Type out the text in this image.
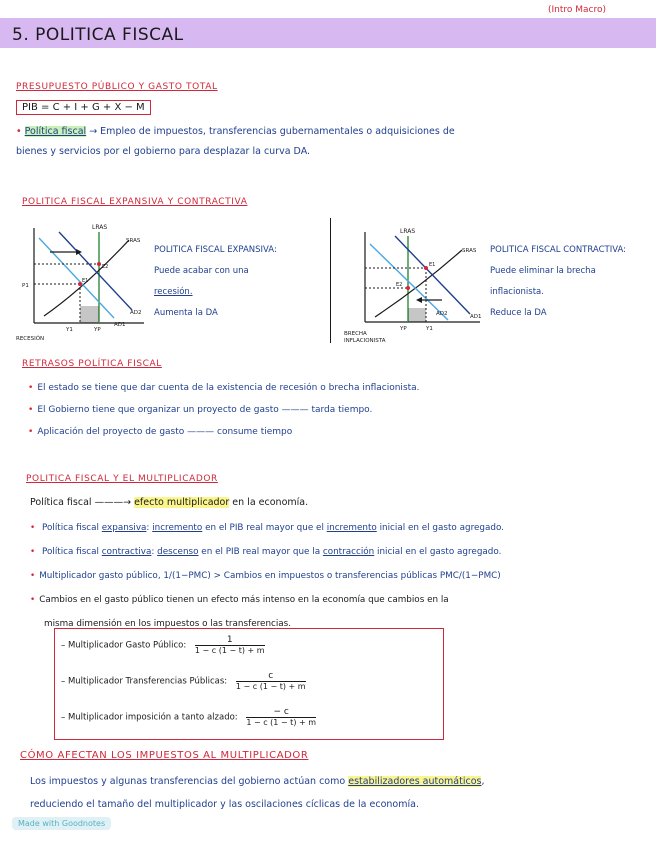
(Intro Macro)
5. POLITICA FISCAL
PRESUPUESTO PÚBLICO Y GASTO TOTAL
PIB = C + I + G + X − M
• Política fiscal → Empleo de impuestos, transferencias gubernamentales o adquisiciones de
bienes y servicios por el gobierno para desplazar la curva DA.
POLITICA FISCAL EXPANSIVA Y CONTRACTIVA
LRAS
SRAS
AD1
AD2
P1
Y1	YP
E1
E2
RECESIÓN
POLITICA FISCAL EXPANSIVA:
Puede acabar con una
recesión.
Aumenta la DA
LRAS
SRAS
AD1
AD2
YP	Y1
E1
E2
BRECHA
INFLACIONISTA
POLITICA FISCAL CONTRACTIVA:
Puede eliminar la brecha
inflacionista.
Reduce la DA
RETRASOS POLÍTICA FISCAL
• El estado se tiene que dar cuenta de la existencia de recesión o brecha inflacionista.
• El Gobierno tiene que organizar un proyecto de gasto ——— tarda tiempo.
• Aplicación del proyecto de gasto ——— consume tiempo
POLITICA FISCAL Y EL MULTIPLICADOR
Política fiscal ———→ efecto multiplicador en la economía.
• Política fiscal expansiva: incremento en el PIB real mayor que el incremento inicial en el gasto agregado.
• Política fiscal contractiva: descenso en el PIB real mayor que la contracción inicial en el gasto agregado.
• Multiplicador gasto público, 1/(1−PMC) > Cambios en impuestos o transferencias públicas PMC/(1−PMC)
• Cambios en el gasto público tienen un efecto más intenso en la economía que cambios en la
misma dimensión en los impuestos o las transferencias.
– Multiplicador Gasto Público: $\frac{1}{1 - c (1 - t) + m}$
– Multiplicador Transferencias Públicas: $\frac{c}{1 - c (1 - t) + m}$
– Multiplicador imposición a tanto alzado: $\frac{- c}{1 - c (1 - t) + m}$
CÓMO AFECTAN LOS IMPUESTOS AL MULTIPLICADOR
Los impuestos y algunas transferencias del gobierno actúan como estabilizadores automáticos,
reduciendo el tamaño del multiplicador y las oscilaciones cíclicas de la economía.
Made with Goodnotes
